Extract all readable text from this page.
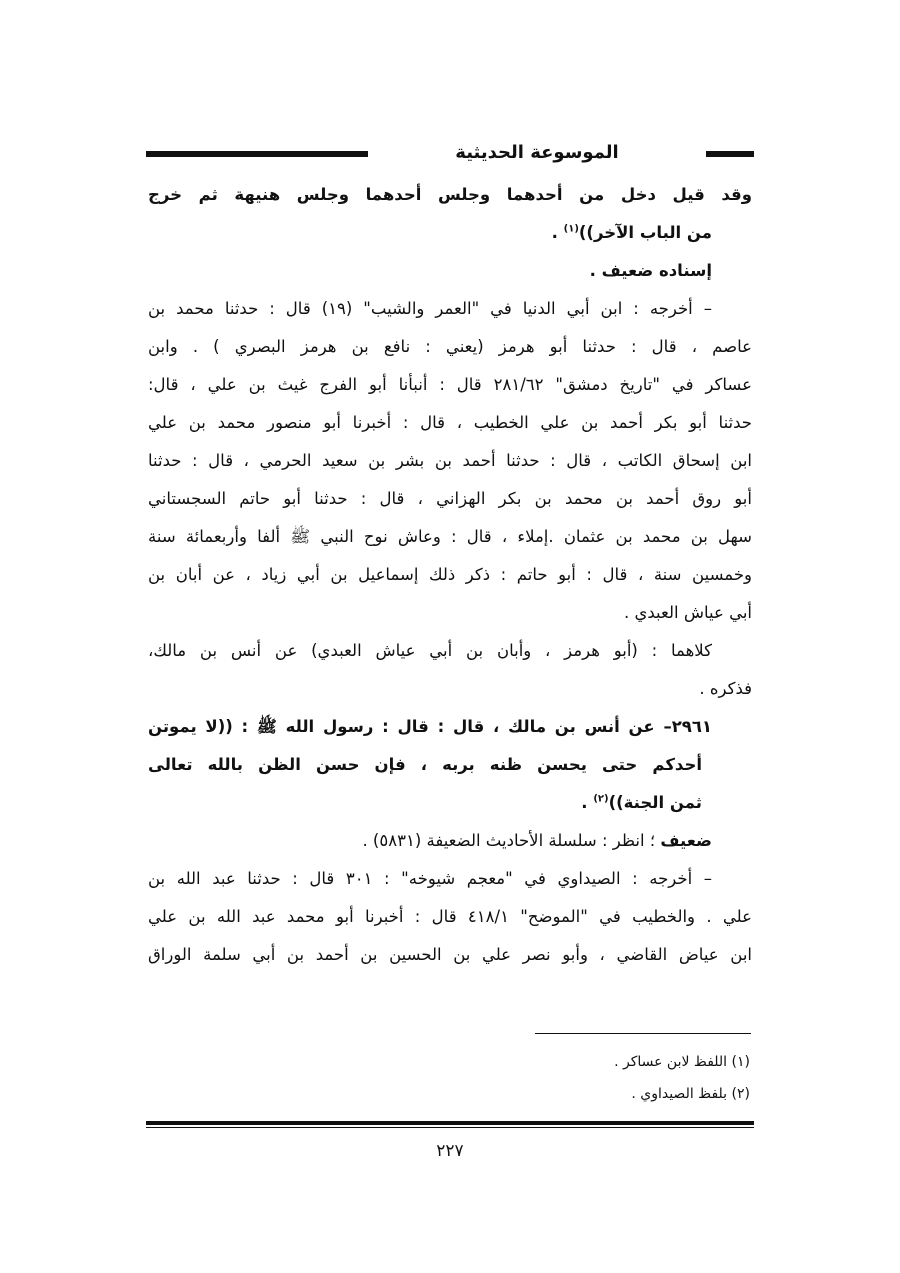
الموسوعة الحديثية
وقد قيل دخل من أحدهما وجلس أحدهما وجلس هنيهة ثم خرج
من الباب الآخر))$^{(١)}$ .
إسناده ضعيف .
– أخرجه : ابن أبي الدنيا في "العمر والشيب" (١٩) قال : حدثنا محمد بن
عاصم ، قال : حدثنا أبو هرمز (يعني : نافع بن هرمز البصري ) . وابن
عساكر في "تاريخ دمشق" ٢٨١/٦٢ قال : أنبأنا أبو الفرج غيث بن علي ، قال:
حدثنا أبو بكر أحمد بن علي الخطيب ، قال : أخبرنا أبو منصور محمد بن علي
ابن إسحاق الكاتب ، قال : حدثنا أحمد بن بشر بن سعيد الحرمي ، قال : حدثنا
أبو روق أحمد بن محمد بن بكر الهزاني ، قال : حدثنا أبو حاتم السجستاني
سهل بن محمد بن عثمان .إملاء ، قال : وعاش نوح النبي ﷺ ألفا وأربعمائة سنة
وخمسين سنة ، قال : أبو حاتم : ذكر ذلك إسماعيل بن أبي زياد ، عن أبان بن
أبي عياش العبدي .
كلاهما : (أبو هرمز ، وأبان بن أبي عياش العبدي) عن أنس بن مالك،
فذكره .
٢٩٦١– عن أنس بن مالك ، قال : قال : رسول الله ﷺ : ((لا يموتن
أحدكم حتى يحسن ظنه بربه ، فإن حسن الظن بالله تعالى
ثمن الجنة))$^{(٢)}$ .
ضعيف ؛ انظر : سلسلة الأحاديث الضعيفة (٥٨٣١) .
– أخرجه : الصيداوي في "معجم شيوخه" : ٣٠١ قال : حدثنا عبد الله بن
علي . والخطيب في "الموضح" ٤١٨/١ قال : أخبرنا أبو محمد عبد الله بن علي
ابن عياض القاضي ، وأبو نصر علي بن الحسين بن أحمد بن أبي سلمة الوراق
(١) اللفظ لابن عساكر .
(٢) بلفظ الصيداوي .
٢٢٧
